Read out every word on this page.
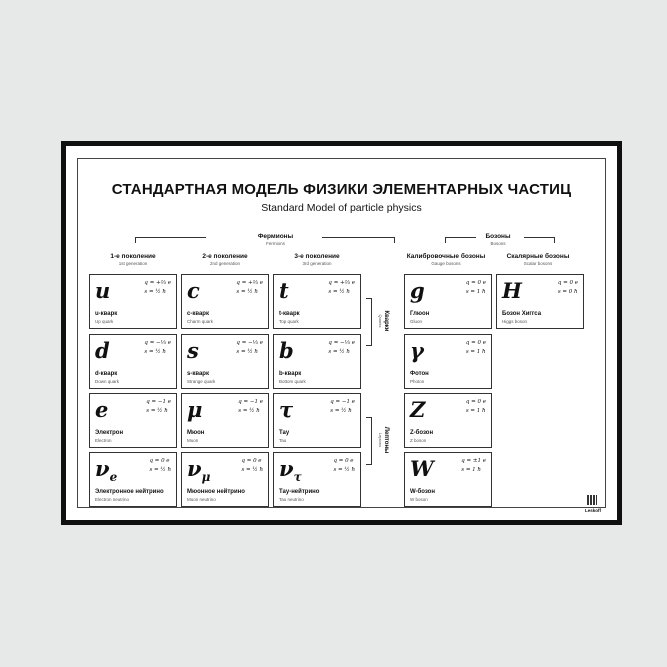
СТАНДАРТНАЯ МОДЕЛЬ ФИЗИКИ ЭЛЕМЕНТАРНЫХ ЧАСТИЦ
Standard Model of particle physics
Фермионы
Fermions
Бозоны
Bosons
1-е поколение
1st generation
2-е поколение
2nd generation
3-е поколение
3rd generation
Калибровочные бозоны
Gauge bosons
Скалярные бозоны
Scalar bosons
Кварки
Quarks
Лептоны
Leptons
u	q = +⅔ e
s = ½ ħ
u-кварк
Up quark
c	q = +⅔ e
s = ½ ħ
c-кварк
Charm quark
t	q = +⅔ e
s = ½ ħ
t-кварк
Top quark
d	q = −⅓ e
s = ½ ħ
d-кварк
Down quark
s	q = −⅓ e
s = ½ ħ
s-кварк
Strange quark
b	q = −⅓ e
s = ½ ħ
b-кварк
Bottom quark
e	q = −1 e
s = ½ ħ
Электрон
Electron
μ	q = −1 e
s = ½ ħ
Мюон
Muon
τ	q = −1 e
s = ½ ħ
Тау
Tau
$\nu_e$
q = 0 e
s = ½ ħ
Электронное нейтрино
Electron neutrino
$\nu_\mu$
q = 0 e
s = ½ ħ
Мюонное нейтрино
Muon neutrino
$\nu_\tau$
q = 0 e
s = ½ ħ
Тау-нейтрино
Tau neutrino
g	q = 0 e
s = 1 ħ
Глюон
Gluon
γ	q = 0 e
s = 1 ħ
Фотон
Photon
Z	q = 0 e
s = 1 ħ
Z-бозон
Z boson
W	q = ±1 e
s = 1 ħ
W-бозон
W boson
H	q = 0 e
s = 0 ħ
Бозон Хиггса
Higgs boson
Leskoff
